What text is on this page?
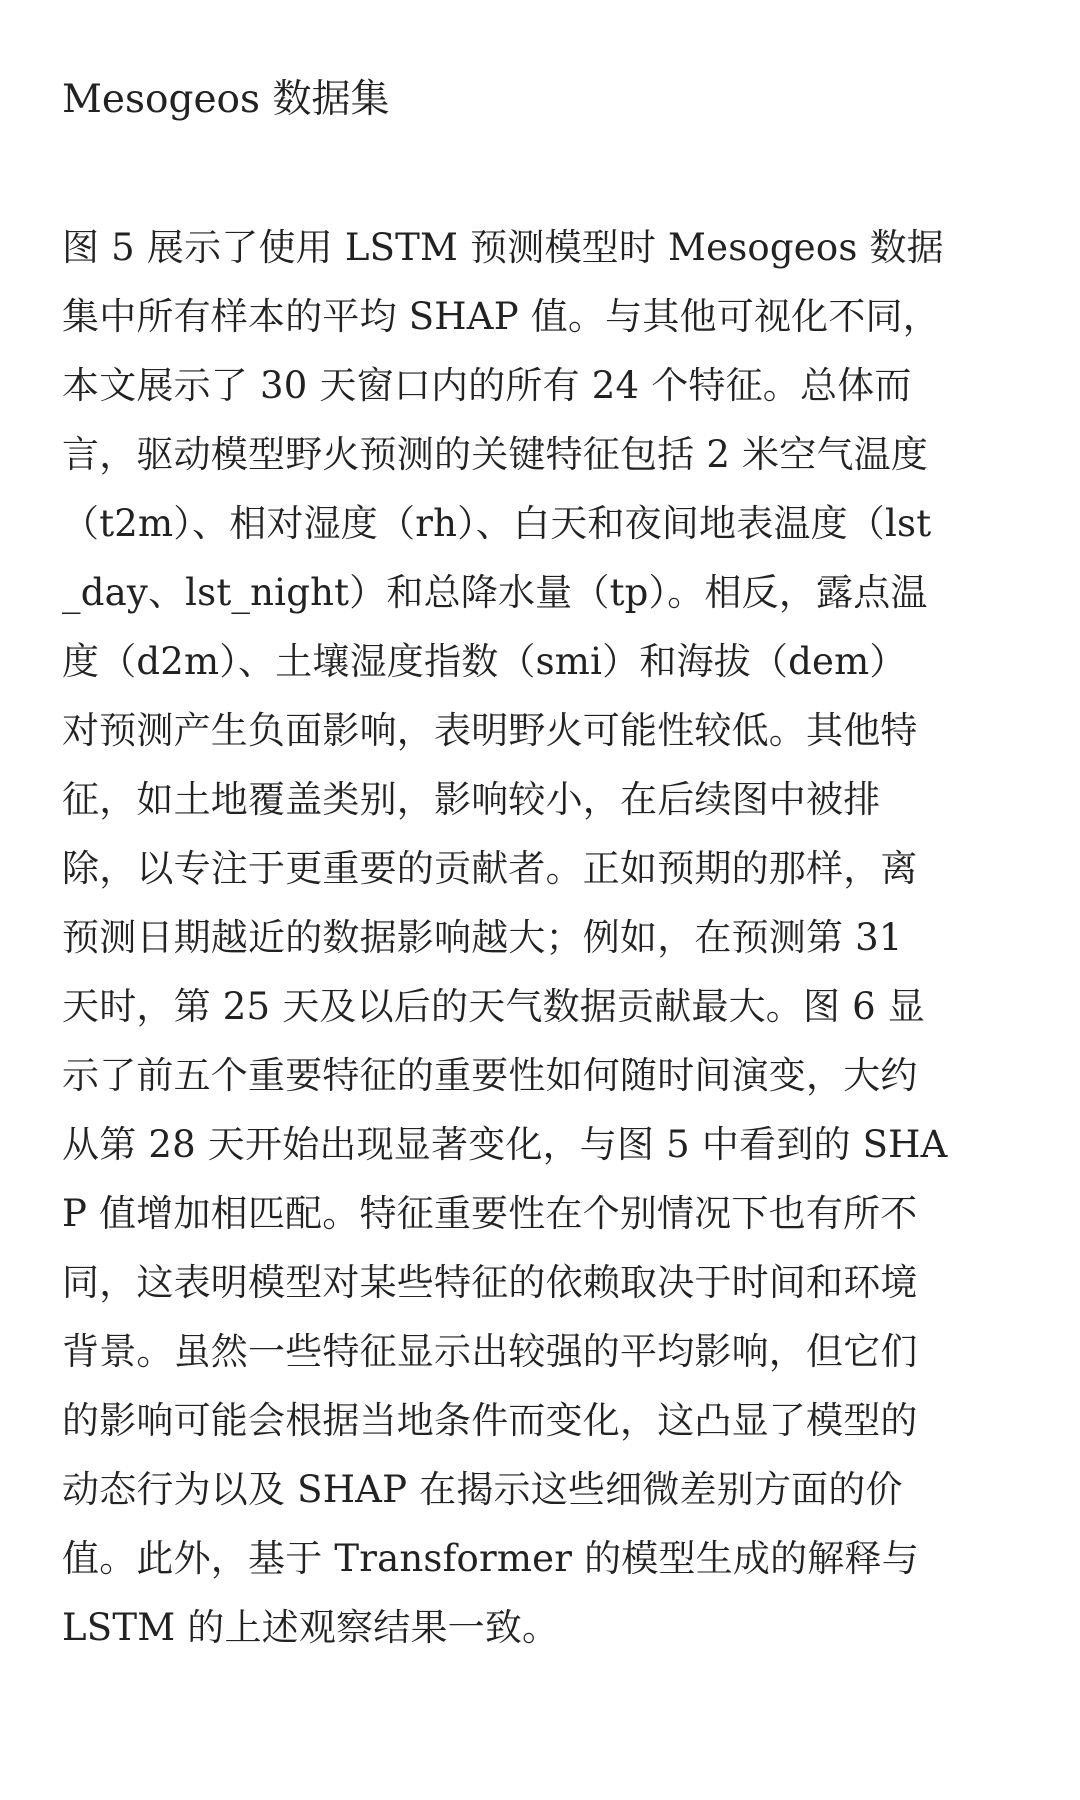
Mesogeos 数据集
图 5 展示了使用 LSTM 预测模型时 Mesogeos 数据
集中所有样本的平均 SHAP 值。与其他可视化不同，
本文展示了 30 天窗口内的所有 24 个特征。总体而
言，驱动模型野火预测的关键特征包括 2 米空气温度
（t2m）、相对湿度（rh）、白天和夜间地表温度（lst
_day、lst_night）和总降水量（tp）。相反，露点温
度（d2m）、土壤湿度指数（smi）和海拔（dem）
对预测产生负面影响，表明野火可能性较低。其他特
征，如土地覆盖类别，影响较小，在后续图中被排
除，以专注于更重要的贡献者。正如预期的那样，离
预测日期越近的数据影响越大；例如，在预测第 31
天时，第 25 天及以后的天气数据贡献最大。图 6 显
示了前五个重要特征的重要性如何随时间演变，大约
从第 28 天开始出现显著变化，与图 5 中看到的 SHA
P 值增加相匹配。特征重要性在个别情况下也有所不
同，这表明模型对某些特征的依赖取决于时间和环境
背景。虽然一些特征显示出较强的平均影响，但它们
的影响可能会根据当地条件而变化，这凸显了模型的
动态行为以及 SHAP 在揭示这些细微差别方面的价
值。此外，基于 Transformer 的模型生成的解释与
LSTM 的上述观察结果一致。
